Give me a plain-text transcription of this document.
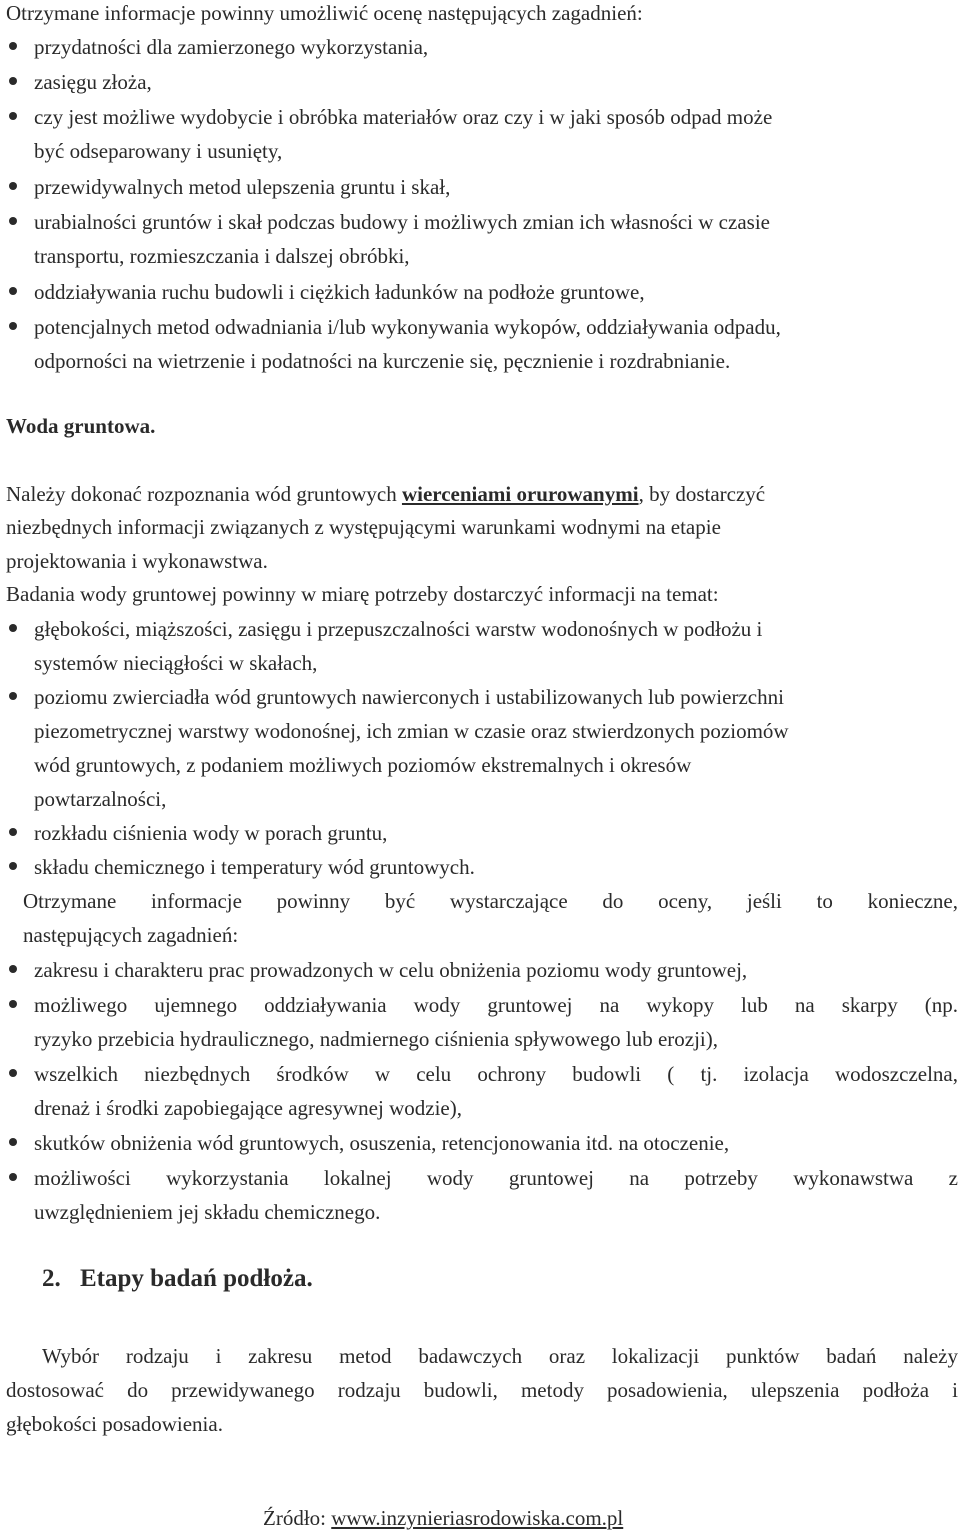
Otrzymane informacje powinny umożliwić ocenę następujących zagadnień:
przydatności dla zamierzonego wykorzystania,
zasięgu złoża,
czy jest możliwe wydobycie i obróbka materiałów oraz czy i w jaki sposób odpad może
być odseparowany i usunięty,
przewidywalnych metod ulepszenia gruntu i skał,
urabialności gruntów i skał podczas budowy i możliwych zmian ich własności w czasie
transportu, rozmieszczania i dalszej obróbki,
oddziaływania ruchu budowli i ciężkich ładunków na podłoże gruntowe,
potencjalnych metod odwadniania i/lub wykonywania wykopów, oddziaływania odpadu,
odporności na wietrzenie i podatności na kurczenie się, pęcznienie i rozdrabnianie.
Woda gruntowa.
Należy dokonać rozpoznania wód gruntowych wierceniami orurowanymi, by dostarczyć
niezbędnych informacji związanych z występującymi warunkami wodnymi na etapie
projektowania i wykonawstwa.
Badania wody gruntowej powinny w miarę potrzeby dostarczyć informacji na temat:
głębokości, miąższości, zasięgu i przepuszczalności warstw wodonośnych w podłożu i
systemów nieciągłości w skałach,
poziomu zwierciadła wód gruntowych nawierconych i ustabilizowanych lub powierzchni
piezometrycznej warstwy wodonośnej, ich zmian w czasie oraz stwierdzonych poziomów
wód gruntowych, z podaniem możliwych poziomów ekstremalnych i okresów
powtarzalności,
rozkładu ciśnienia wody w porach gruntu,
składu chemicznego i temperatury wód gruntowych.
Otrzymane informacje powinny być wystarczające do oceny, jeśli to konieczne,
następujących zagadnień:
zakresu i charakteru prac prowadzonych w celu obniżenia poziomu wody gruntowej,
możliwego ujemnego oddziaływania wody gruntowej na wykopy lub na skarpy (np.
ryzyko przebicia hydraulicznego, nadmiernego ciśnienia spływowego lub erozji),
wszelkich niezbędnych środków w celu ochrony budowli ( tj. izolacja wodoszczelna,
drenaż i środki zapobiegające agresywnej wodzie),
skutków obniżenia wód gruntowych, osuszenia, retencjonowania itd. na otoczenie,
możliwości wykorzystania lokalnej wody gruntowej na potrzeby wykonawstwa z
uwzględnieniem jej składu chemicznego.
2. Etapy badań podłoża.
Wybór rodzaju i zakresu metod badawczych oraz lokalizacji punktów badań należy
dostosować do przewidywanego rodzaju budowli, metody posadowienia, ulepszenia podłoża i
głębokości posadowienia.
Źródło: www.inzynieriasrodowiska.com.pl
